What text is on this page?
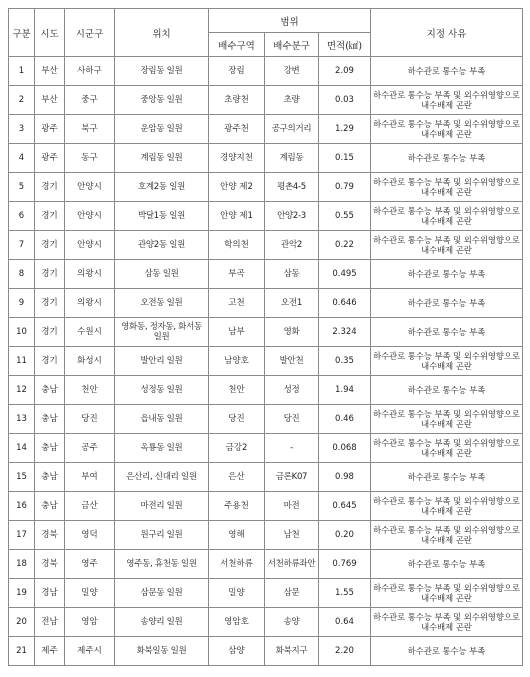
구분	시도	시군구	위치	범위			지정 사유
				배수구역	배수분구	면적(㎢)	
1	부산	사하구	장림동 일원	장림	강변	2.09	하수관로 통수능 부족
2	부산	중구	중앙동 일원	초량천	초량	0.03	하수관로 통수능 부족 및 외수위영향으로 내수배제 곤란
3	광주	북구	운암동 일원	광주천	공구의거리	1.29	하수관로 통수능 부족 및 외수위영향으로 내수배제 곤란
4	광주	동구	계림동 일원	경양지천	계림동	0.15	하수관로 통수능 부족
5	경기	안양시	호계2동 일원	안양 제2	평촌4-5	0.79	하수관로 통수능 부족 및 외수위영향으로 내수배제 곤란
6	경기	안양시	박달1동 일원	안양 제1	안양2-3	0.55	하수관로 통수능 부족 및 외수위영향으로 내수배제 곤란
7	경기	안양시	관양2동 일원	학의천	관악2	0.22	하수관로 통수능 부족 및 외수위영향으로 내수배제 곤란
8	경기	의왕시	삼동 일원	부곡	삼동	0.495	하수관로 통수능 부족
9	경기	의왕시	오전동 일원	고천	오전1	0.646	하수관로 통수능 부족
10	경기	수원시	영화동, 정자동, 화서동 일원	남부	영화	2.324	하수관로 통수능 부족
11	경기	화성시	발안리 일원	남양호	발안천	0.35	하수관로 통수능 부족 및 외수위영향으로 내수배제 곤란
12	충남	천안	성정동 일원	천안	성정	1.94	하수관로 통수능 부족
13	충남	당진	읍내동 일원	당진	당진	0.46	하수관로 통수능 부족 및 외수위영향으로 내수배제 곤란
14	충남	공주	옥룡동 일원	금강2	-	0.068	하수관로 통수능 부족 및 외수위영향으로 내수배제 곤란
15	충남	부여	은산리, 신대리 일원	은산	금론K07	0.98	하수관로 통수능 부족
16	충남	금산	마전리 일원	주용천	마전	0.645	하수관로 통수능 부족 및 외수위영향으로 내수배제 곤란
17	경북	영덕	원구리 일원	영해	남천	0.20	하수관로 통수능 부족 및 외수위영향으로 내수배제 곤란
18	경북	영주	영주동, 휴천동 일원	서천하류	서천하류좌안	0.769	하수관로 통수능 부족
19	경남	밀양	삼문동 일원	밀양	삼문	1.55	하수관로 통수능 부족 및 외수위영향으로 내수배제 곤란
20	전남	영암	송양리 일원	영암호	송양	0.64	하수관로 통수능 부족 및 외수위영향으로 내수배제 곤란
21	제주	제주시	화북일동 일원	삼양	화북지구	2.20	하수관로 통수능 부족
